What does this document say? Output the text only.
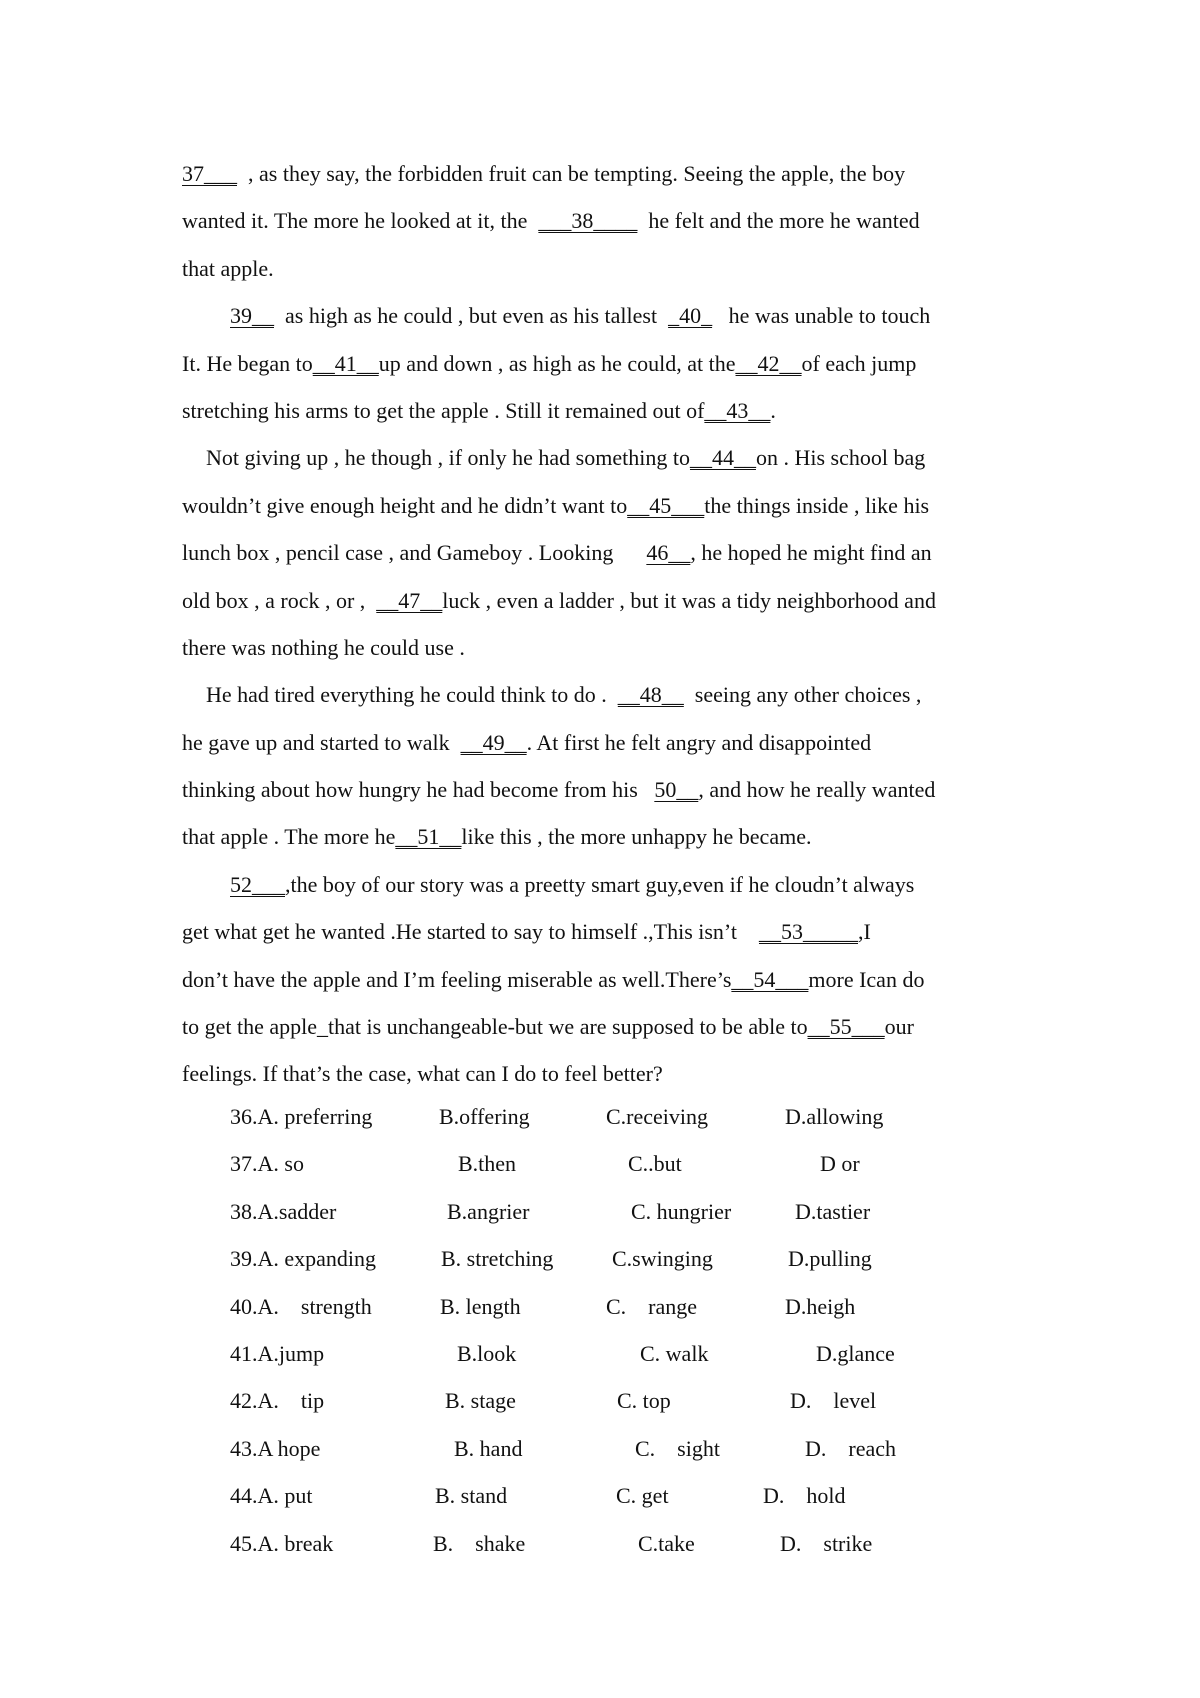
37___  , as they say, the forbidden fruit can be tempting. Seeing the apple, the boy
wanted it. The more he looked at it, the  ___38____  he felt and the more he wanted
that apple.
39__  as high as he could , but even as his tallest  _40_   he was unable to touch
It. He began to__41__up and down , as high as he could, at the__42__of each jump
stretching his arms to get the apple . Still it remained out of__43__.
Not giving up , he though , if only he had something to__44__on . His school bag
wouldn’t give enough height and he didn’t want to__45___the things inside , like his
lunch box , pencil case , and Gameboy . Looking      46__, he hoped he might find an
old box , a rock , or ,  __47__luck , even a ladder , but it was a tidy neighborhood and
there was nothing he could use .
He had tired everything he could think to do .  __48__  seeing any other choices ,
he gave up and started to walk  __49__. At first he felt angry and disappointed
thinking about how hungry he had become from his   50__, and how he really wanted
that apple . The more he__51__like this , the more unhappy he became.
52___,the boy of our story was a preetty smart guy,even if he cloudn’t always
get what get he wanted .He started to say to himself .,This isn’t    __53_____,I
don’t have the apple and I’m feeling miserable as well.There’s__54___more Ican do
to get the apple_that is unchangeable-but we are supposed to be able to__55___our
feelings. If that’s the case, what can I do to feel better?
36.A. preferring	B.offering	C.receiving	D.allowing
37.A. so	B.then	C..but	D or
38.A.sadder	B.angrier	C. hungrier	D.tastier
39.A. expanding	B. stretching	C.swinging	D.pulling
40.A.    strength	B. length	C.    range	D.heigh
41.A.jump	B.look	C. walk	D.glance
42.A.    tip	B. stage	C. top	D.    level
43.A hope	B. hand	C.    sight	D.    reach
44.A. put	B. stand	C. get	D.    hold
45.A. break	B.    shake	C.take	D.    strike
